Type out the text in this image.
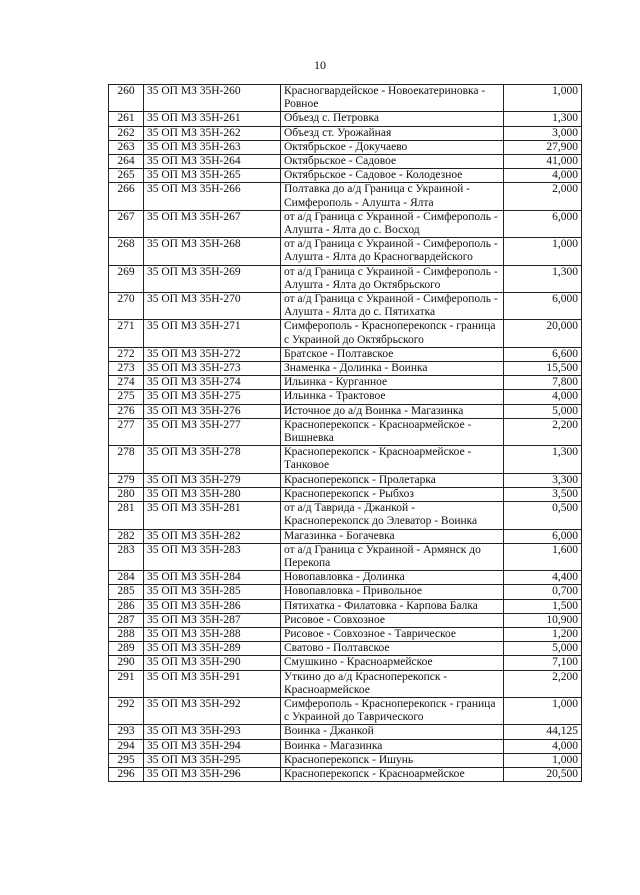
10
260	35 ОП МЗ 35Н-260	Красногвардейское - Новоекатериновка - Ровное	1,000
261	35 ОП МЗ 35Н-261	Объезд с. Петровка	1,300
262	35 ОП МЗ 35Н-262	Объезд ст. Урожайная	3,000
263	35 ОП МЗ 35Н-263	Октябрьское - Докучаево	27,900
264	35 ОП МЗ 35Н-264	Октябрьское - Садовое	41,000
265	35 ОП МЗ 35Н-265	Октябрьское - Садовое - Колодезное	4,000
266	35 ОП МЗ 35Н-266	Полтавка до а/д Граница с Украиной - Симферополь - Алушта - Ялта	2,000
267	35 ОП МЗ 35Н-267	от а/д Граница с Украиной - Симферополь - Алушта - Ялта до с. Восход	6,000
268	35 ОП МЗ 35Н-268	от а/д Граница с Украиной - Симферополь - Алушта - Ялта до Красногвардейского	1,000
269	35 ОП МЗ 35Н-269	от а/д Граница с Украиной - Симферополь - Алушта - Ялта до Октябрьского	1,300
270	35 ОП МЗ 35Н-270	от а/д Граница с Украиной - Симферополь - Алушта - Ялта до с. Пятихатка	6,000
271	35 ОП МЗ 35Н-271	Симферополь - Красноперекопск - граница с Украиной до Октябрьского	20,000
272	35 ОП МЗ 35Н-272	Братское - Полтавское	6,600
273	35 ОП МЗ 35Н-273	Знаменка - Долинка - Воинка	15,500
274	35 ОП МЗ 35Н-274	Ильинка - Курганное	7,800
275	35 ОП МЗ 35Н-275	Ильинка - Трактовое	4,000
276	35 ОП МЗ 35Н-276	Источное до а/д Воинка - Магазинка	5,000
277	35 ОП МЗ 35Н-277	Красноперекопск - Красноармейское - Вишневка	2,200
278	35 ОП МЗ 35Н-278	Красноперекопск - Красноармейское - Танковое	1,300
279	35 ОП МЗ 35Н-279	Красноперекопск - Пролетарка	3,300
280	35 ОП МЗ 35Н-280	Красноперекопск - Рыбхоз	3,500
281	35 ОП МЗ 35Н-281	от а/д Таврида - Джанкой - Красноперекопск до Элеватор - Воинка	0,500
282	35 ОП МЗ 35Н-282	Магазинка - Богачевка	6,000
283	35 ОП МЗ 35Н-283	от а/д Граница с Украиной - Армянск до Перекопа	1,600
284	35 ОП МЗ 35Н-284	Новопавловка - Долинка	4,400
285	35 ОП МЗ 35Н-285	Новопавловка - Привольное	0,700
286	35 ОП МЗ 35Н-286	Пятихатка - Филатовка - Карпова Балка	1,500
287	35 ОП МЗ 35Н-287	Рисовое - Совхозное	10,900
288	35 ОП МЗ 35Н-288	Рисовое - Совхозное - Таврическое	1,200
289	35 ОП МЗ 35Н-289	Сватово - Полтавское	5,000
290	35 ОП МЗ 35Н-290	Смушкино - Красноармейское	7,100
291	35 ОП МЗ 35Н-291	Уткино до а/д Красноперекопск - Красноармейское	2,200
292	35 ОП МЗ 35Н-292	Симферополь - Красноперекопск - граница с Украиной до Таврического	1,000
293	35 ОП МЗ 35Н-293	Воинка - Джанкой	44,125
294	35 ОП МЗ 35Н-294	Воинка - Магазинка	4,000
295	35 ОП МЗ 35Н-295	Красноперекопск - Ишунь	1,000
296	35 ОП МЗ 35Н-296	Красноперекопск - Красноармейское	20,500
